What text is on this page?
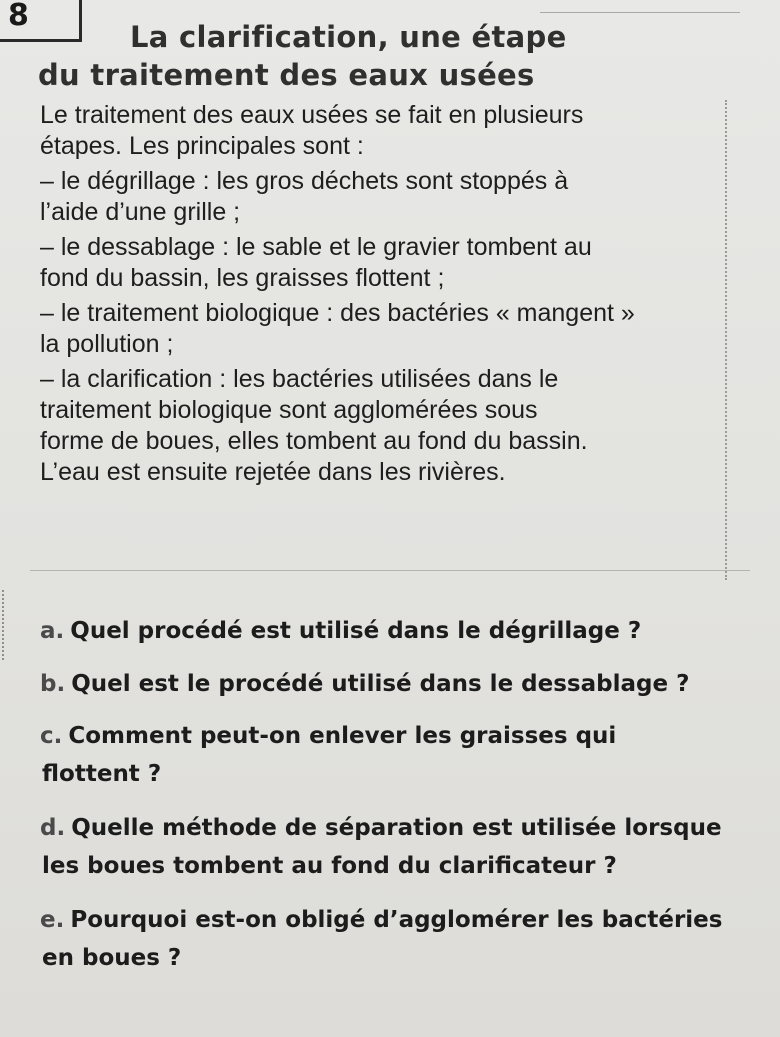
8
La clarification, une étape
du traitement des eaux usées

Le traitement des eaux usées se fait en plusieurs

étapes. Les principales sont :

– le dégrillage : les gros déchets sont stoppés à

l’aide d’une grille ;

– le dessablage : le sable et le gravier tombent au

fond du bassin, les graisses flottent ;

– le traitement biologique : des bactéries « mangent »

la pollution ;

– la clarification : les bactéries utilisées dans le

traitement biologique sont agglomérées sous

forme de boues, elles tombent au fond du bassin.

L’eau est ensuite rejetée dans les rivières.

a. Quel procédé est utilisé dans le dégrillage ?
b. Quel est le procédé utilisé dans le dessablage ?
c. Comment peut-on enlever les graisses qui
flottent ?
d. Quelle méthode de séparation est utilisée lorsque
les boues tombent au fond du clarificateur ?
e. Pourquoi est-on obligé d’agglomérer les bactéries
en boues ?
